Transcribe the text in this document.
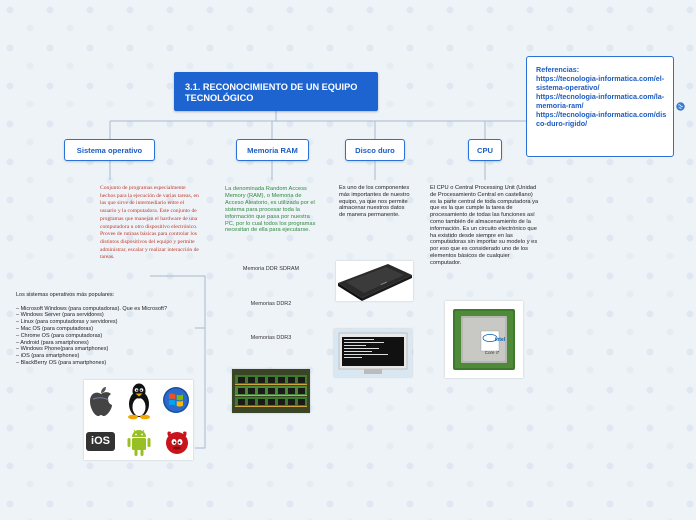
3.1. RECONOCIMIENTO DE UN EQUIPO TECNOLÓGICO
Sistema operativo	Memoria RAM	Disco duro	CPU
Referencias:
https://tecnologia-informatica.com/el-sistema-operativo/
https://tecnologia-informatica.com/la-memoria-ram/
https://tecnologia-informatica.com/disco-duro-rigido/
Conjunto de programas especialmente hechos para la ejecución de varias tareas, en las que sirve de intermediario entre el usuario y la computadora. Este conjunto de programas que manejan el hardware de una computadora u otro dispositivo electrónico. Provee de rutinas básicas para controlar los distintos dispositivos del equipo y permite administrar, escalar y realizar interacción de tareas.
Los sistemas operativos más populares:

– Microsoft Windows (para computadoras). Que es Microsoft?
– Windows Server (para servidores)
– Linux (para computadoras y servidores)
– Mac OS (para computadoras)
– Chrome OS (para computadoras)
– Android (para smartphones)
– Windows Phone(para smartphones)
– iOS (para smartphones)
– BlackBerry OS (para smartphones)
iOS
La denominada Random Access Memory (RAM), o Memoria de Acceso Aleatorio, es utilizada por el sistema para procesar toda la información que pasa por nuestra PC, por lo cual todos los programas necesitan de ella para ejecutarse.
Memoria DDR SDRAM
Memorias DDR2
Memorias DDR3
Es uno de los componentes más importantes de nuestro equipo, ya que nos permite almacenar nuestros datos de manera permanente.
▬▬
El CPU o Central Processing Unit (Unidad de Procesamiento Central en castellano) es la parte central de toda computadora ya que es la que cumple la tarea de procesamiento de todas las funciones así como también de almacenamiento de la información. Es un circuito electrónico que ha existido desde siempre en las computadoras sin importar su modelo y es por eso que es considerado uno de los elementos básicos de cualquier computador.
intel
Core i7
